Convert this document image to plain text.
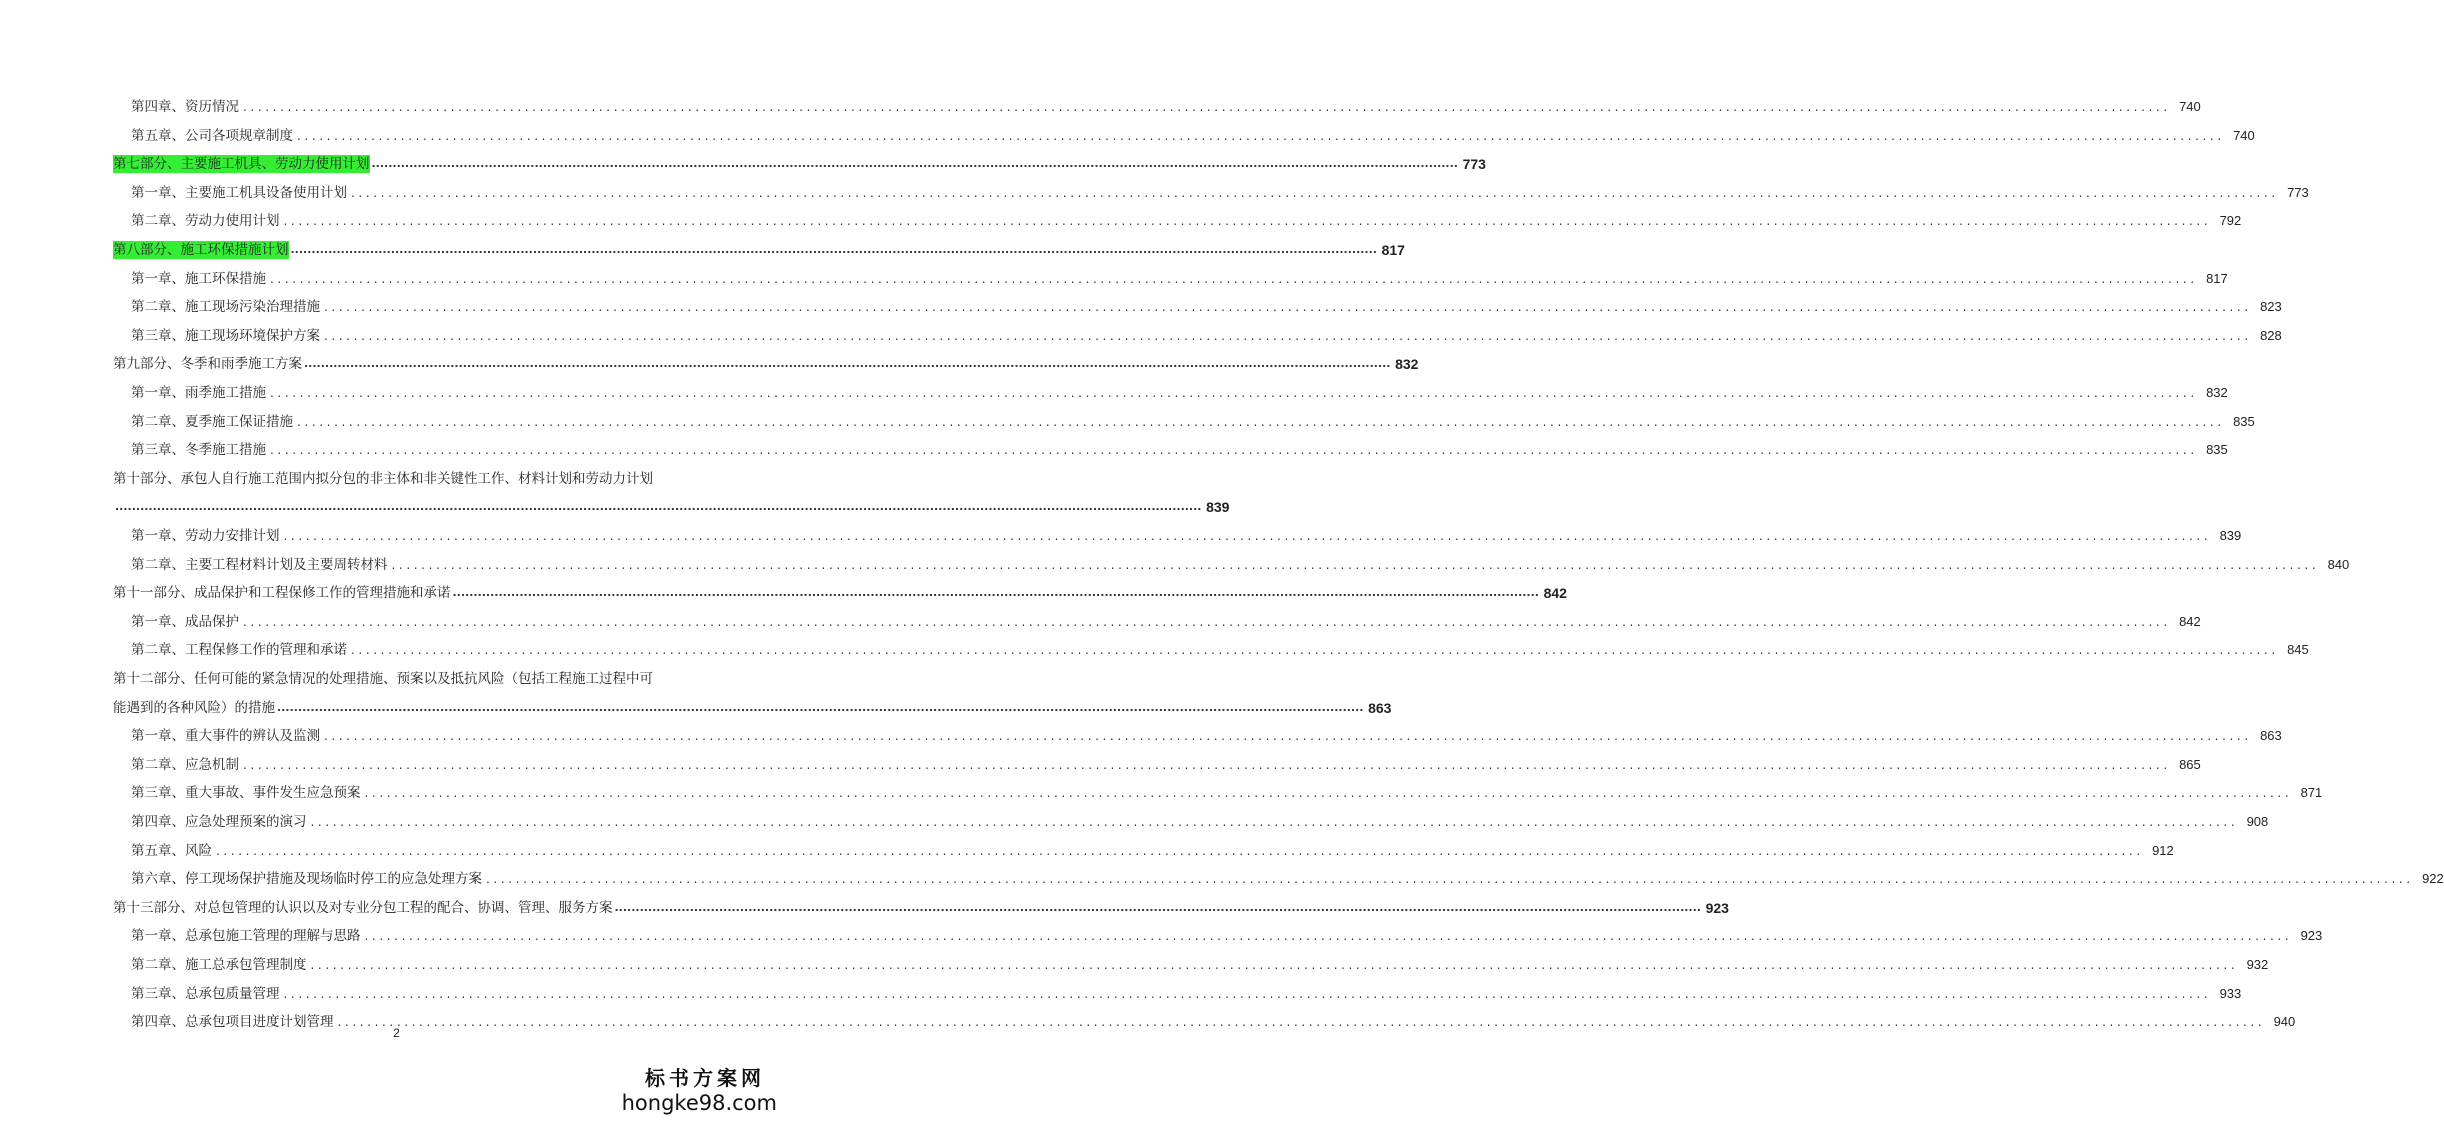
第四章、资历情况 .................................................................................................................................................................................................................................................................... 740
第五章、公司各项规章制度 .................................................................................................................................................................................................................................................................... 740
第七部分、主要施工机具、劳动力使用计划 .................................................................................................................................................................................................................................................................... 773
第一章、主要施工机具设备使用计划 .................................................................................................................................................................................................................................................................... 773
第二章、劳动力使用计划 .................................................................................................................................................................................................................................................................... 792
第八部分、施工环保措施计划 .................................................................................................................................................................................................................................................................... 817
第一章、施工环保措施 .................................................................................................................................................................................................................................................................... 817
第二章、施工现场污染治理措施 .................................................................................................................................................................................................................................................................... 823
第三章、施工现场环境保护方案 .................................................................................................................................................................................................................................................................... 828
第九部分、冬季和雨季施工方案 .................................................................................................................................................................................................................................................................... 832
第一章、雨季施工措施 .................................................................................................................................................................................................................................................................... 832
第二章、夏季施工保证措施 .................................................................................................................................................................................................................................................................... 835
第三章、冬季施工措施 .................................................................................................................................................................................................................................................................... 835
第十部分、承包人自行施工范围内拟分包的非主体和非关键性工作、材料计划和劳动力计划
.................................................................................................................................................................................................................................................................... 839
第一章、劳动力安排计划 .................................................................................................................................................................................................................................................................... 839
第二章、主要工程材料计划及主要周转材料 .................................................................................................................................................................................................................................................................... 840
第十一部分、成品保护和工程保修工作的管理措施和承诺 .................................................................................................................................................................................................................................................................... 842
第一章、成品保护 .................................................................................................................................................................................................................................................................... 842
第二章、工程保修工作的管理和承诺 .................................................................................................................................................................................................................................................................... 845
第十二部分、任何可能的紧急情况的处理措施、预案以及抵抗风险（包括工程施工过程中可
能遇到的各种风险）的措施 .................................................................................................................................................................................................................................................................... 863
第一章、重大事件的辨认及监测 .................................................................................................................................................................................................................................................................... 863
第二章、应急机制 .................................................................................................................................................................................................................................................................... 865
第三章、重大事故、事件发生应急预案 .................................................................................................................................................................................................................................................................... 871
第四章、应急处理预案的演习 .................................................................................................................................................................................................................................................................... 908
第五章、风险 .................................................................................................................................................................................................................................................................... 912
第六章、停工现场保护措施及现场临时停工的应急处理方案 .................................................................................................................................................................................................................................................................... 922
第十三部分、对总包管理的认识以及对专业分包工程的配合、协调、管理、服务方案 .................................................................................................................................................................................................................................................................... 923
第一章、总承包施工管理的理解与思路 .................................................................................................................................................................................................................................................................... 923
第二章、施工总承包管理制度 .................................................................................................................................................................................................................................................................... 932
第三章、总承包质量管理 .................................................................................................................................................................................................................................................................... 933
第四章、总承包项目进度计划管理 .................................................................................................................................................................................................................................................................... 940
2
标书方案网
hongke98.com
